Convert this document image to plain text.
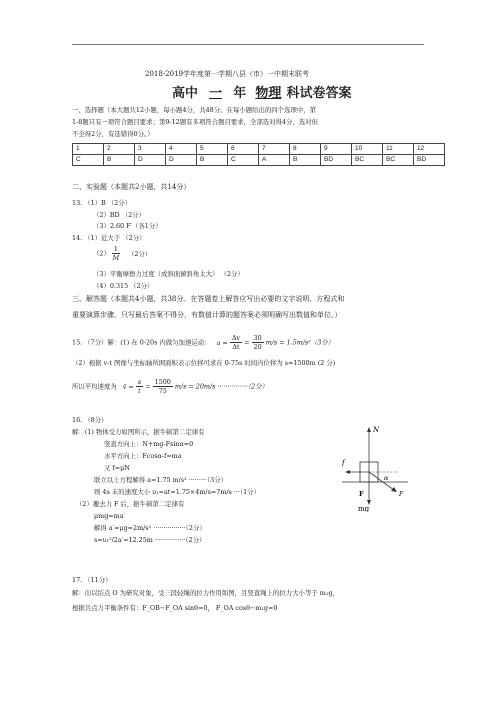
2018-2019学年度第一学期八县（市）一中期末联考
高中 一 年 物理 科试卷答案
一、选择题（本大题共12小题，每小题4分，共48分。在每小题给出的四个选项中，第
1-8题只有一项符合题目要求；第9-12题有多项符合题目要求，全部选对得4分，选对但
不全得2分，有选错得0分。）
1	2	3	4	5	6	7	8	9	10	11	12
C	B	D	D	B	C	A	B	BD	BC	BC	BD
二、实验题（本题共2小题，共14分）
13. （1）B （2分）
（2）BD （2分）
（3）2.60 F′（各1分）
14. （1）近大于 （2分）
$(2) \frac{1}{M} (2$分）
（3）平衡摩擦力过度（或斜面倾斜角太大） （2分）
（4）0.315 （2分）
三、解答题（本题共4小题，共38分。在答题卷上解答应写出必要的文字说明、方程式和
重要演算步骤，只写最后答案不得分，有数值计算的题答案必须明确写出数值和单位。）
15. （7分）解：(1) 在 0-20s 内做匀加速运动： $a = \frac{\Delta v}{\Delta t} = \frac{30}{20} m/s = 1.5m/s^2(3$分）
（2）根据 v-t 图像与坐标轴所围面积表示位移可求在 0-75s 时间内位移为 s=1500m (2 分)
所以平均速度为 v̄ = $\frac{s}{t} = \frac{1500}{75} m/s = 20m/s \cdot\cdot\cdot\cdot\cdot\cdot\cdot\cdot\cdot\cdot\cdot\cdot\cdot\cdot\cdot(2$分）
16. （8分）
解：(1) 物体受力如图所示，据牛顿第二定律有
竖直方向上：N+mg-Fsinα=0
水平方向上：Fcosα-f=ma
又 f=μN
联立以上方程解得 a=1.75 m/s² ·········（3分）
则 4s 末的速度大小 υ₁=at=1.75×4m/s=7m/s ···（1分）
（2）撤去力 F 后，据牛顿第二定律有
μmg=ma′
解得 a′=μg=2m/s² ················（2分）
s=υ₁²/2a′=12.25m ···············（2分）
N
f
α
F
F
mg
17. （11分）
解：⑴以结点 O 为研究对象，受三段轻绳的拉力作用如图，且竖直绳上的拉力大小等于 m₁g，
根据共点力平衡条件有：F_OB−F_OA sinθ=0， F_OA cosθ−m₁g=0
